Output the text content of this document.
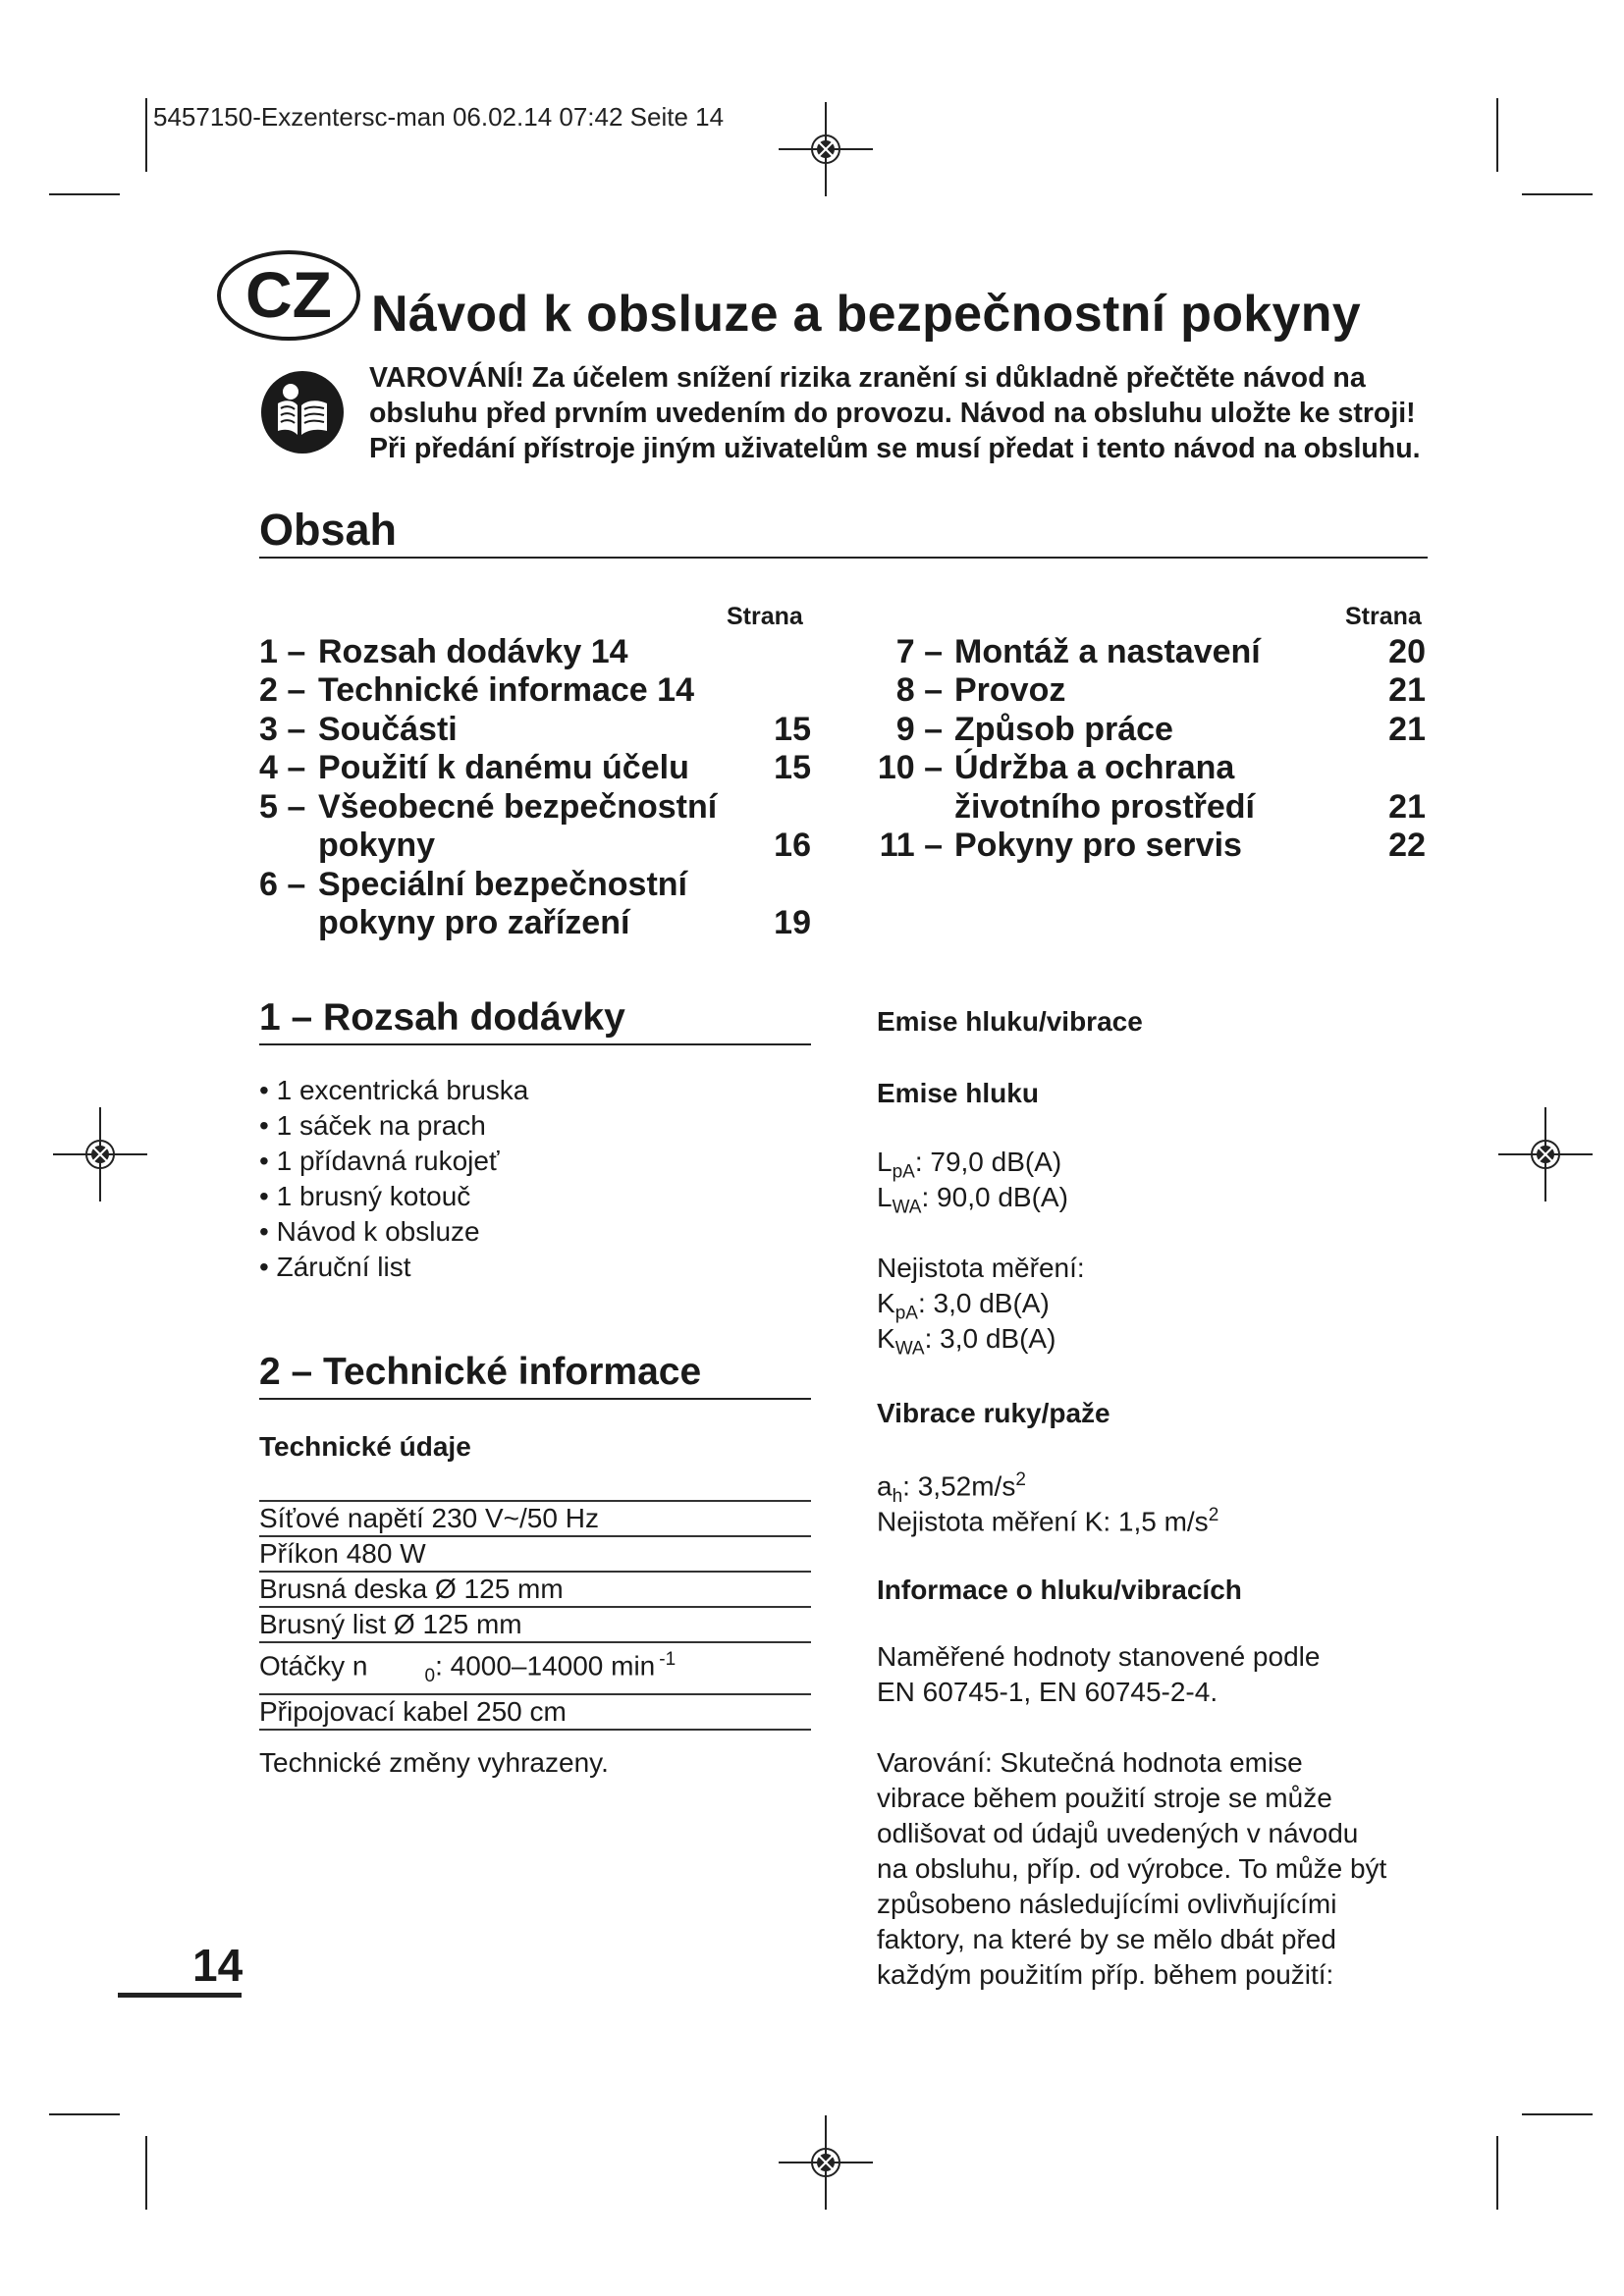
5457150-Exzentersc-man 06.02.14 07:42 Seite 14
CZ Návod k obsluze a bezpečnostní pokyny
VAROVÁNÍ! Za účelem snížení rizika zranění si důkladně přečtěte návod na
obsluhu před prvním uvedením do provozu. Návod na obsluhu uložte ke stroji!
Při předání přístroje jiným uživatelům se musí předat i tento návod na obsluhu.
Obsah
Strana	Strana
1 – Rozsah dodávky 14
2 – Technické informace 14
3 – Součásti	15
4 – Použití k danému účelu	15
5 – Všeobecné bezpečnostní
pokyny	16
6 – Speciální bezpečnostní
pokyny pro zařízení	19
7 – Montáž a nastavení	20
8 – Provoz	21
9 – Způsob práce	21
10 – Údržba a ochrana
životního prostředí	21
11 – Pokyny pro servis	22
1 – Rozsah dodávky
• 1 excentrická bruska
• 1 sáček na prach
• 1 přídavná rukojeť
• 1 brusný kotouč
• Návod k obsluze
• Záruční list
2 – Technické informace
Technické údaje
Síťové napětí 230 V~/50 Hz
Příkon 480 W
Brusná deska Ø 125 mm
Brusný list Ø 125 mm
Otáčky n	$_0$: 4000–14000 min $^{-1}$
Připojovací kabel 250 cm
Technické změny vyhrazeny.
Emise hluku/vibrace
Emise hluku
$L_{pA}$: 79,0 dB(A)
$L_{WA}$: 90,0 dB(A)
Nejistota měření:
$K_{pA}$: 3,0 dB(A)
$K_{WA}$: 3,0 dB(A)
Vibrace ruky/paže
$a_h$: $3,52m/s^2$
Nejistota měření K: 1,5 $m/s^2$
Informace o hluku/vibracích
Naměřené hodnoty stanovené podle
EN 60745-1, EN 60745-2-4.
Varování: Skutečná hodnota emise
vibrace během použití stroje se může
odlišovat od údajů uvedených v návodu
na obsluhu, příp. od výrobce. To může být
způsobeno následujícími ovlivňujícími
faktory, na které by se mělo dbát před
každým použitím příp. během použití:
14
